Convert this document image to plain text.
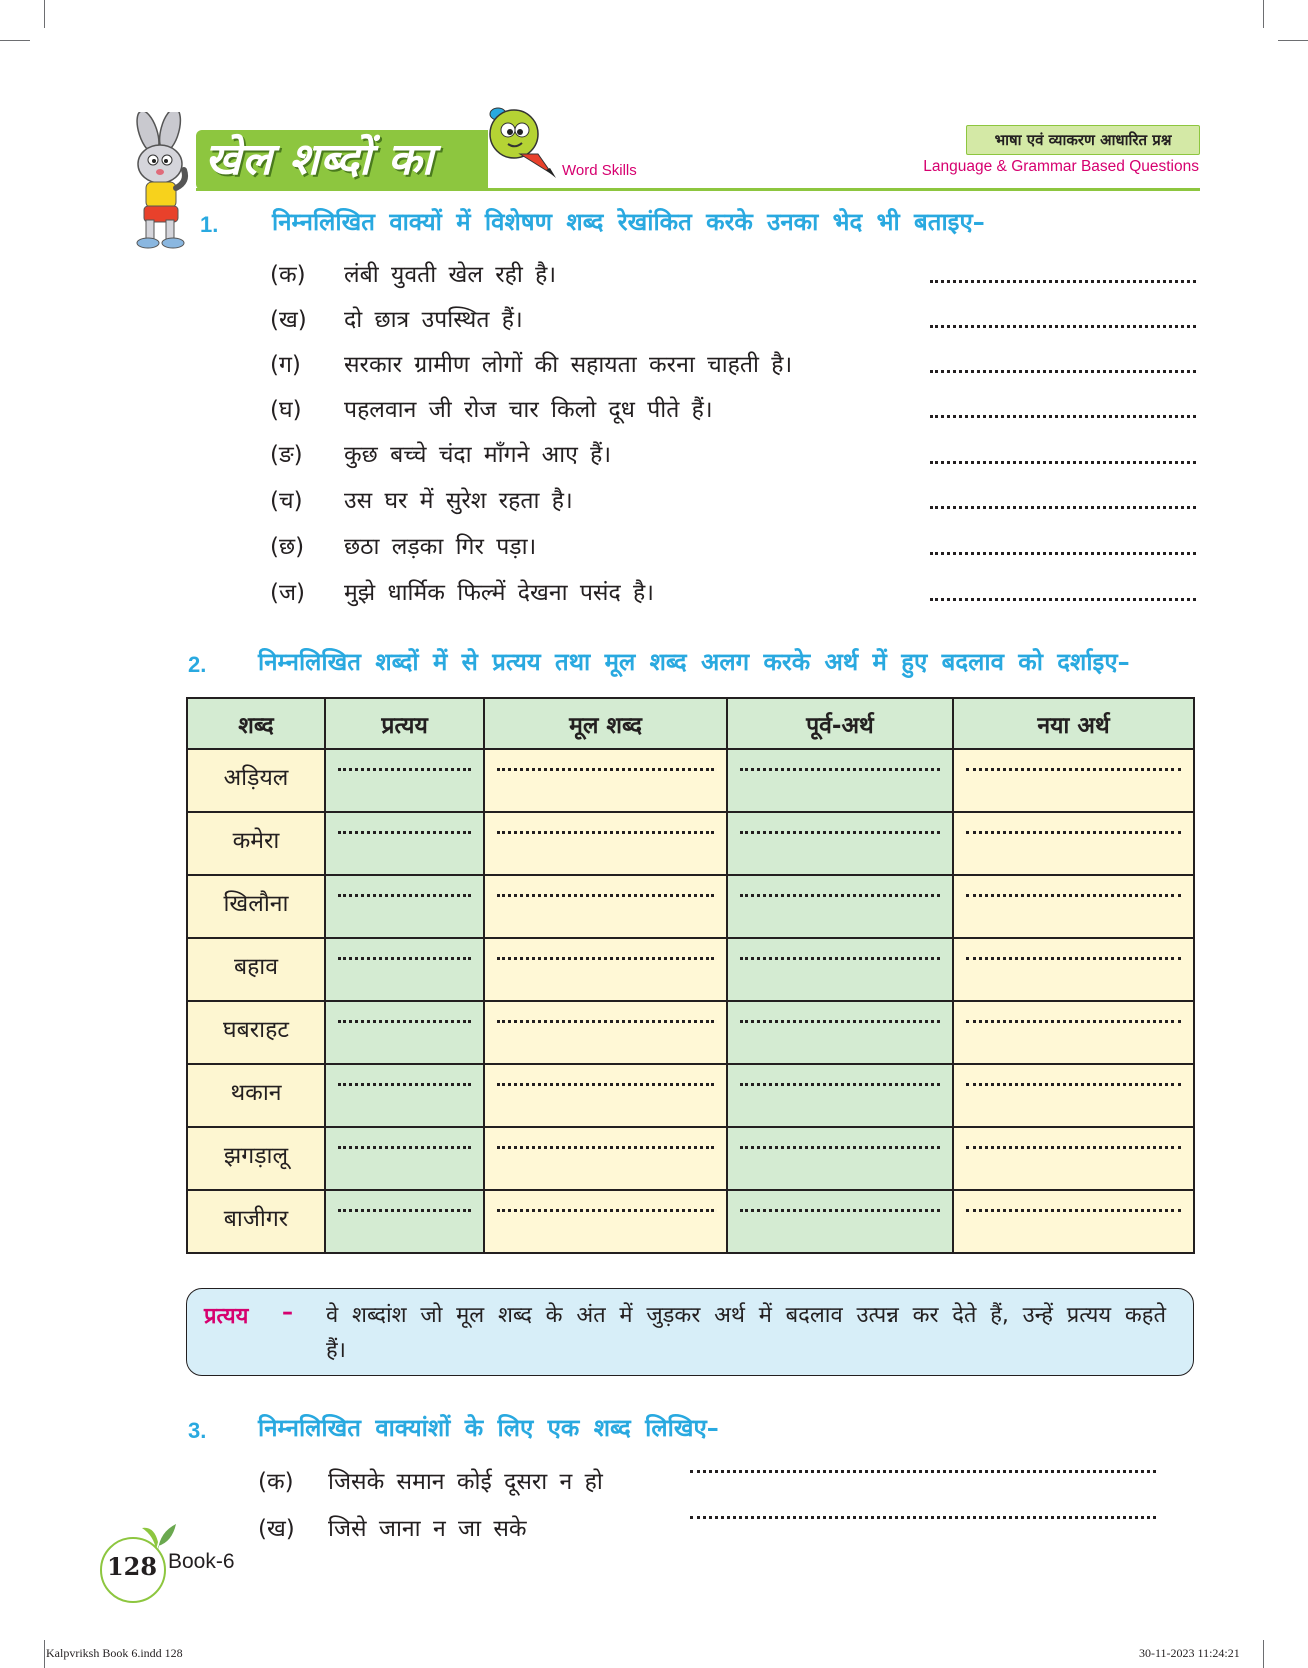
खेल शब्दों का	Word Skills
भाषा एवं व्याकरण आधारित प्रश्न
Language & Grammar Based Questions
1. निम्नलिखित वाक्यों में विशेषण शब्द रेखांकित करके उनका भेद भी बताइए–
(क) लंबी युवती खेल रही है।
(ख) दो छात्र उपस्थित हैं।
(ग) सरकार ग्रामीण लोगों की सहायता करना चाहती है।
(घ) पहलवान जी रोज चार किलो दूध पीते हैं।
(ङ) कुछ बच्चे चंदा माँगने आए हैं।
(च) उस घर में सुरेश रहता है।
(छ) छठा लड़का गिर पड़ा।
(ज) मुझे धार्मिक फिल्में देखना पसंद है।
2. निम्नलिखित शब्दों में से प्रत्यय तथा मूल शब्द अलग करके अर्थ में हुए बदलाव को दर्शाइए–
शब्द	प्रत्यय	मूल शब्द	पूर्व-अर्थ	नया अर्थ
अड़ियल	

कमेरा	

खिलौना	

बहाव	

घबराहट	

थकान	

झगड़ालू	

बाजीगर	

प्रत्यय – वे शब्दांश जो मूल शब्द के अंत में जुड़कर अर्थ में बदलाव उत्पन्न कर देते हैं, उन्हें प्रत्यय कहते हैं।
3. निम्नलिखित वाक्यांशों के लिए एक शब्द लिखिए–
(क) जिसके समान कोई दूसरा न हो
(ख) जिसे जाना न जा सके
128 Book-6
Kalpvriksh Book 6.indd 128	30-11-2023 11:24:21
